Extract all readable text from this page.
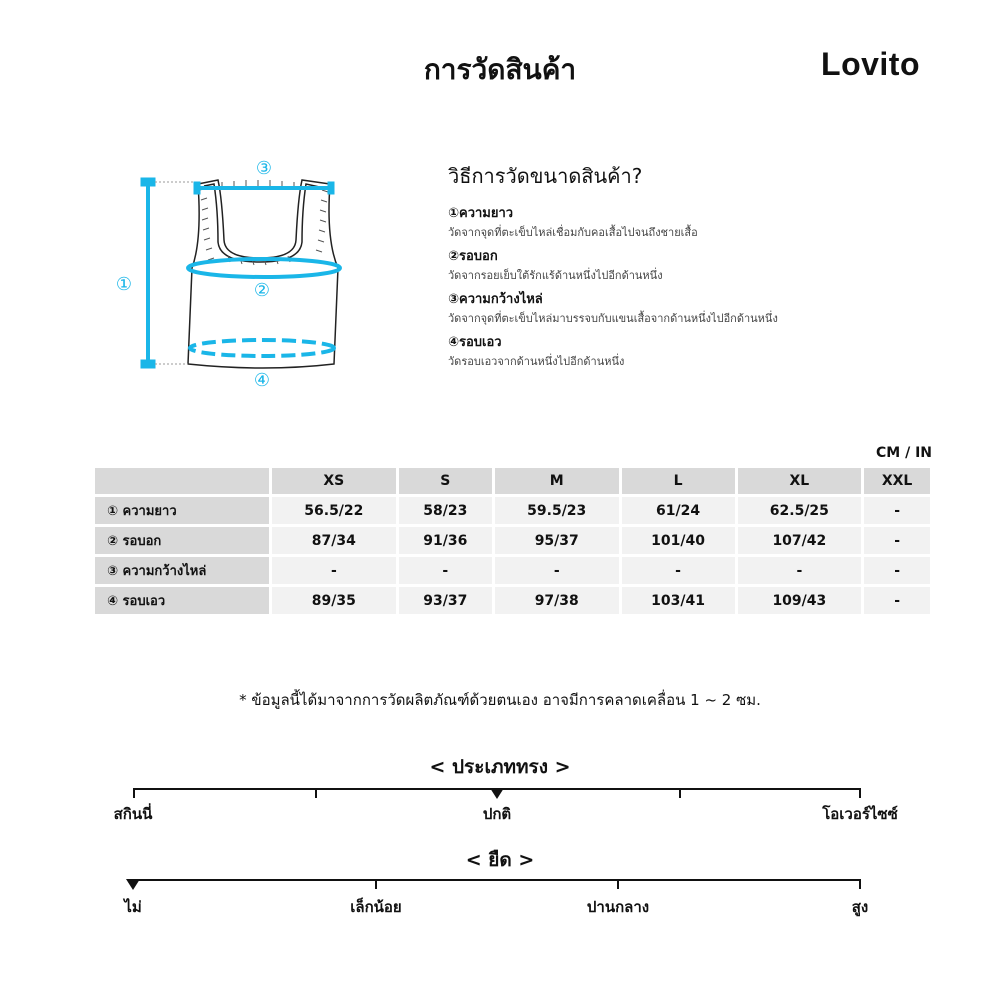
การวัดสินค้า	Lovito
③
①	②
④
วิธีการวัดขนาดสินค้า?
①ความยาว
วัดจากจุดที่ตะเข็บไหล่เชื่อมกับคอเสื้อไปจนถึงชายเสื้อ
②รอบอก
วัดจากรอยเย็บใต้รักแร้ด้านหนึ่งไปอีกด้านหนึ่ง
③ความกว้างไหล่
วัดจากจุดที่ตะเข็บไหล่มาบรรจบกับแขนเสื้อจากด้านหนึ่งไปอีกด้านหนึ่ง
④รอบเอว
วัดรอบเอวจากด้านหนึ่งไปอีกด้านหนึ่ง
CM / IN
	XS	S	M	L	XL	XXL
① ความยาว	56.5/22	58/23	59.5/23	61/24	62.5/25	-
② รอบอก	87/34	91/36	95/37	101/40	107/42	-
③ ความกว้างไหล่	-	-	-	-	-	-
④ รอบเอว	89/35	93/37	97/38	103/41	109/43	-
* ข้อมูลนี้ได้มาจากการวัดผลิตภัณฑ์ด้วยตนเอง อาจมีการคลาดเคลื่อน 1 ~ 2 ซม.
< ประเภททรง >
สกินนี่	ปกติ	โอเวอร์ไซซ์
< ยืด >
ไม่	เล็กน้อย	ปานกลาง	สูง
